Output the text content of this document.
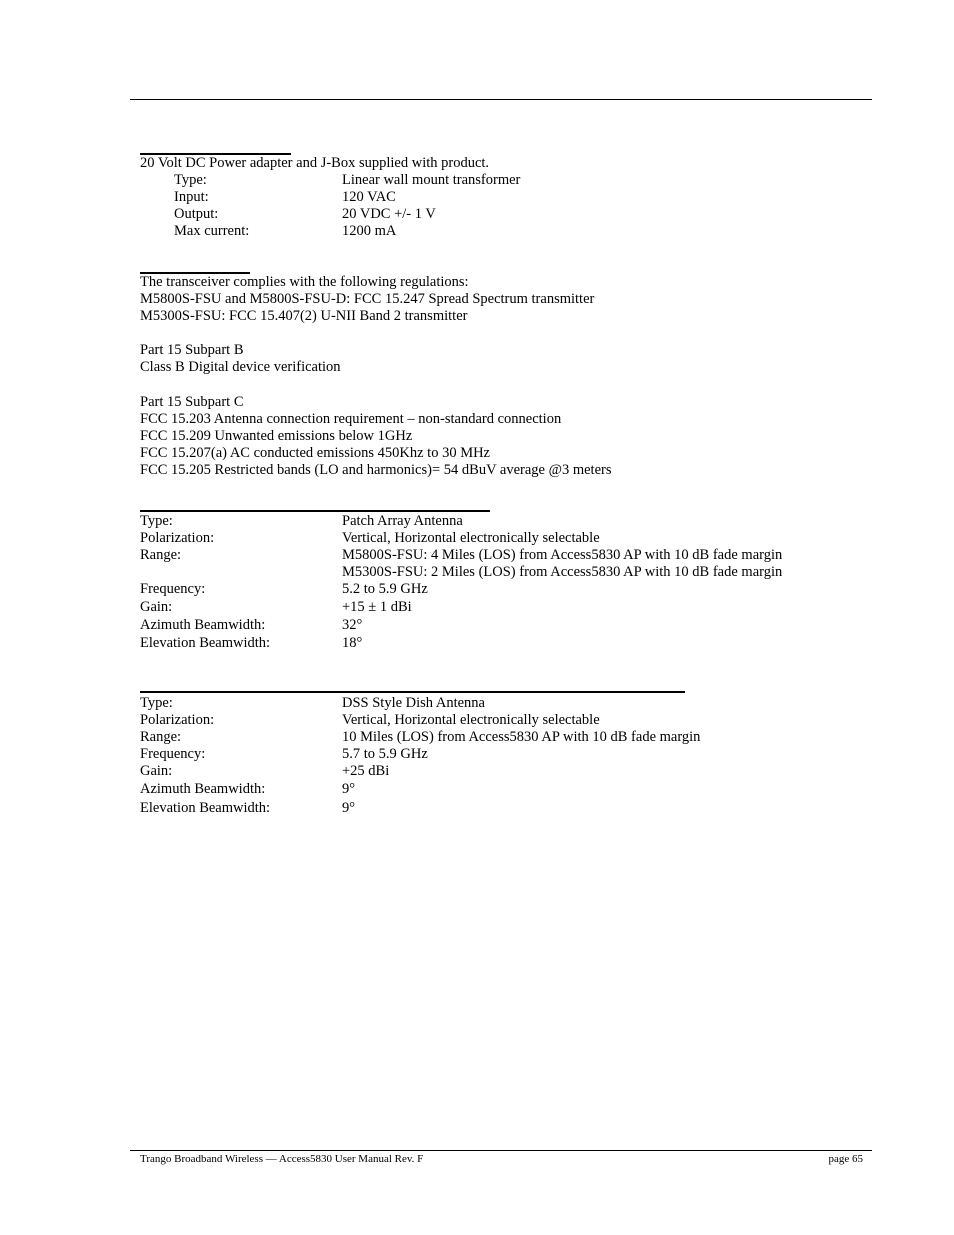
20 Volt DC Power adapter and J-Box supplied with product.
Type:	Linear wall mount transformer
Input:	120 VAC
Output:	20 VDC +/- 1 V
Max current:	1200 mA
The transceiver complies with the following regulations:
M5800S-FSU and M5800S-FSU-D: FCC 15.247 Spread Spectrum transmitter
M5300S-FSU: FCC 15.407(2) U-NII Band 2 transmitter
Part 15 Subpart B
Class B Digital device verification
Part 15 Subpart C
FCC 15.203 Antenna connection requirement – non-standard connection
FCC 15.209 Unwanted emissions below 1GHz
FCC 15.207(a) AC conducted emissions 450Khz to 30 MHz
FCC 15.205 Restricted bands (LO and harmonics)= 54 dBuV average @3 meters
Type:	Patch Array Antenna
Polarization:	Vertical, Horizontal electronically selectable
Range:	M5800S-FSU: 4 Miles (LOS) from Access5830 AP with 10 dB fade margin
M5300S-FSU: 2 Miles (LOS) from Access5830 AP with 10 dB fade margin
Frequency:	5.2 to 5.9 GHz
Gain:	+15 ± 1 dBi
Azimuth Beamwidth:	32°
Elevation Beamwidth:	18°
Type:	DSS Style Dish Antenna
Polarization:	Vertical, Horizontal electronically selectable
Range:	10 Miles (LOS) from Access5830 AP with 10 dB fade margin
Frequency:	5.7 to 5.9 GHz
Gain:	+25 dBi
Azimuth Beamwidth:	9°
Elevation Beamwidth:	9°
Trango Broadband Wireless — Access5830 User Manual Rev. F	page 65
